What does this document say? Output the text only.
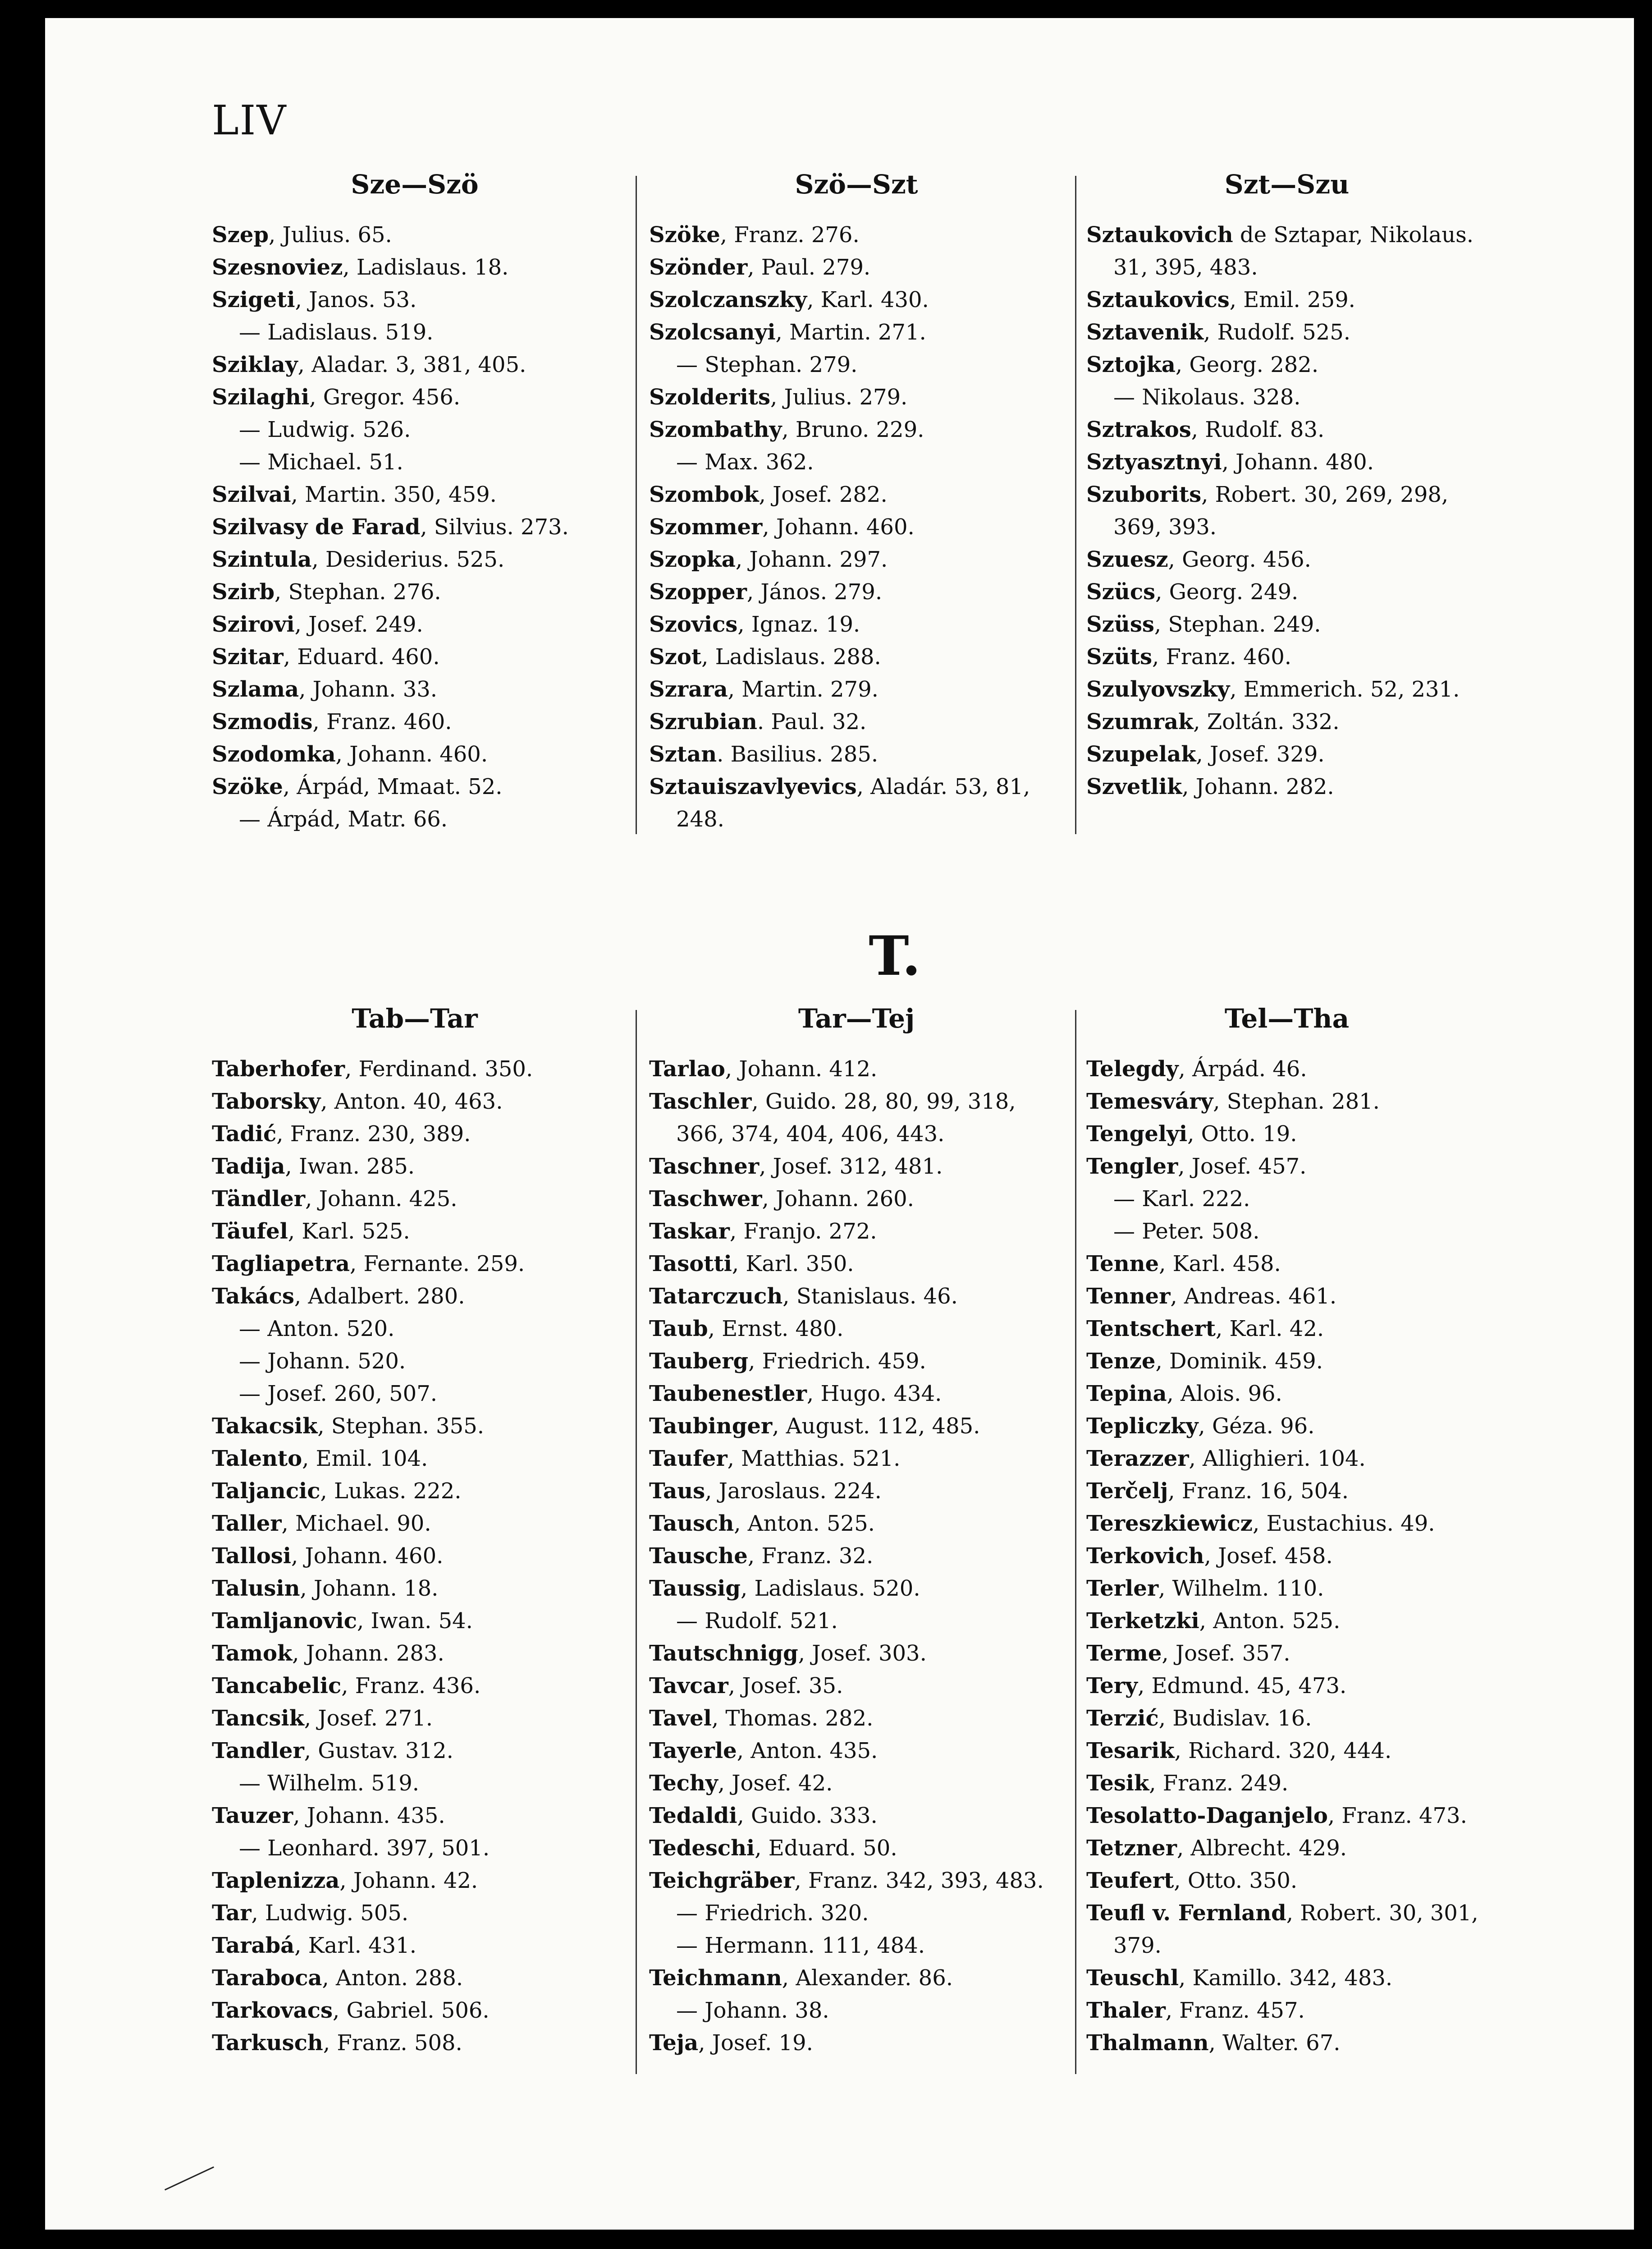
LIV
Sze—Szö	Szö—Szt	Szt—Szu
Szep, Julius. 65.
Szesnoviez, Ladislaus. 18.
Szigeti, Janos. 53.
— Ladislaus. 519.
Sziklay, Aladar. 3, 381, 405.
Szilaghi, Gregor. 456.
— Ludwig. 526.
— Michael. 51.
Szilvai, Martin. 350, 459.
Szilvasy de Farad, Silvius. 273.
Szintula, Desiderius. 525.
Szirb, Stephan. 276.
Szirovi, Josef. 249.
Szitar, Eduard. 460.
Szlama, Johann. 33.
Szmodis, Franz. 460.
Szodomka, Johann. 460.
Szöke, Árpád, Mmaat. 52.
— Árpád, Matr. 66.
Szöke, Franz. 276.
Szönder, Paul. 279.
Szolczanszky, Karl. 430.
Szolcsanyi, Martin. 271.
— Stephan. 279.
Szolderits, Julius. 279.
Szombathy, Bruno. 229.
— Max. 362.
Szombok, Josef. 282.
Szommer, Johann. 460.
Szopka, Johann. 297.
Szopper, János. 279.
Szovics, Ignaz. 19.
Szot, Ladislaus. 288.
Szrara, Martin. 279.
Szrubian. Paul. 32.
Sztan. Basilius. 285.
Sztauiszavlyevics, Aladár. 53, 81,
248.
Sztaukovich de Sztapar, Nikolaus.
31, 395, 483.
Sztaukovics, Emil. 259.
Sztavenik, Rudolf. 525.
Sztojka, Georg. 282.
— Nikolaus. 328.
Sztrakos, Rudolf. 83.
Sztyasztnyi, Johann. 480.
Szuborits, Robert. 30, 269, 298,
369, 393.
Szuesz, Georg. 456.
Szücs, Georg. 249.
Szüss, Stephan. 249.
Szüts, Franz. 460.
Szulyovszky, Emmerich. 52, 231.
Szumrak, Zoltán. 332.
Szupelak, Josef. 329.
Szvetlik, Johann. 282.
T.
Tab—Tar	Tar—Tej	Tel—Tha
Taberhofer, Ferdinand. 350.
Taborsky, Anton. 40, 463.
Tadić, Franz. 230, 389.
Tadija, Iwan. 285.
Tändler, Johann. 425.
Täufel, Karl. 525.
Tagliapetra, Fernante. 259.
Takács, Adalbert. 280.
— Anton. 520.
— Johann. 520.
— Josef. 260, 507.
Takacsik, Stephan. 355.
Talento, Emil. 104.
Taljancic, Lukas. 222.
Taller, Michael. 90.
Tallosi, Johann. 460.
Talusin, Johann. 18.
Tamljanovic, Iwan. 54.
Tamok, Johann. 283.
Tancabelic, Franz. 436.
Tancsik, Josef. 271.
Tandler, Gustav. 312.
— Wilhelm. 519.
Tauzer, Johann. 435.
— Leonhard. 397, 501.
Taplenizza, Johann. 42.
Tar, Ludwig. 505.
Tarabá, Karl. 431.
Taraboca, Anton. 288.
Tarkovacs, Gabriel. 506.
Tarkusch, Franz. 508.
Tarlao, Johann. 412.
Taschler, Guido. 28, 80, 99, 318,
366, 374, 404, 406, 443.
Taschner, Josef. 312, 481.
Taschwer, Johann. 260.
Taskar, Franjo. 272.
Tasotti, Karl. 350.
Tatarczuch, Stanislaus. 46.
Taub, Ernst. 480.
Tauberg, Friedrich. 459.
Taubenestler, Hugo. 434.
Taubinger, August. 112, 485.
Taufer, Matthias. 521.
Taus, Jaroslaus. 224.
Tausch, Anton. 525.
Tausche, Franz. 32.
Taussig, Ladislaus. 520.
— Rudolf. 521.
Tautschnigg, Josef. 303.
Tavcar, Josef. 35.
Tavel, Thomas. 282.
Tayerle, Anton. 435.
Techy, Josef. 42.
Tedaldi, Guido. 333.
Tedeschi, Eduard. 50.
Teichgräber, Franz. 342, 393, 483.
— Friedrich. 320.
— Hermann. 111, 484.
Teichmann, Alexander. 86.
— Johann. 38.
Teja, Josef. 19.
Telegdy, Árpád. 46.
Temesváry, Stephan. 281.
Tengelyi, Otto. 19.
Tengler, Josef. 457.
— Karl. 222.
— Peter. 508.
Tenne, Karl. 458.
Tenner, Andreas. 461.
Tentschert, Karl. 42.
Tenze, Dominik. 459.
Tepina, Alois. 96.
Tepliczky, Géza. 96.
Terazzer, Allighieri. 104.
Terčelj, Franz. 16, 504.
Tereszkiewicz, Eustachius. 49.
Terkovich, Josef. 458.
Terler, Wilhelm. 110.
Terketzki, Anton. 525.
Terme, Josef. 357.
Tery, Edmund. 45, 473.
Terzić, Budislav. 16.
Tesarik, Richard. 320, 444.
Tesik, Franz. 249.
Tesolatto-Daganjelo, Franz. 473.
Tetzner, Albrecht. 429.
Teufert, Otto. 350.
Teufl v. Fernland, Robert. 30, 301,
379.
Teuschl, Kamillo. 342, 483.
Thaler, Franz. 457.
Thalmann, Walter. 67.
